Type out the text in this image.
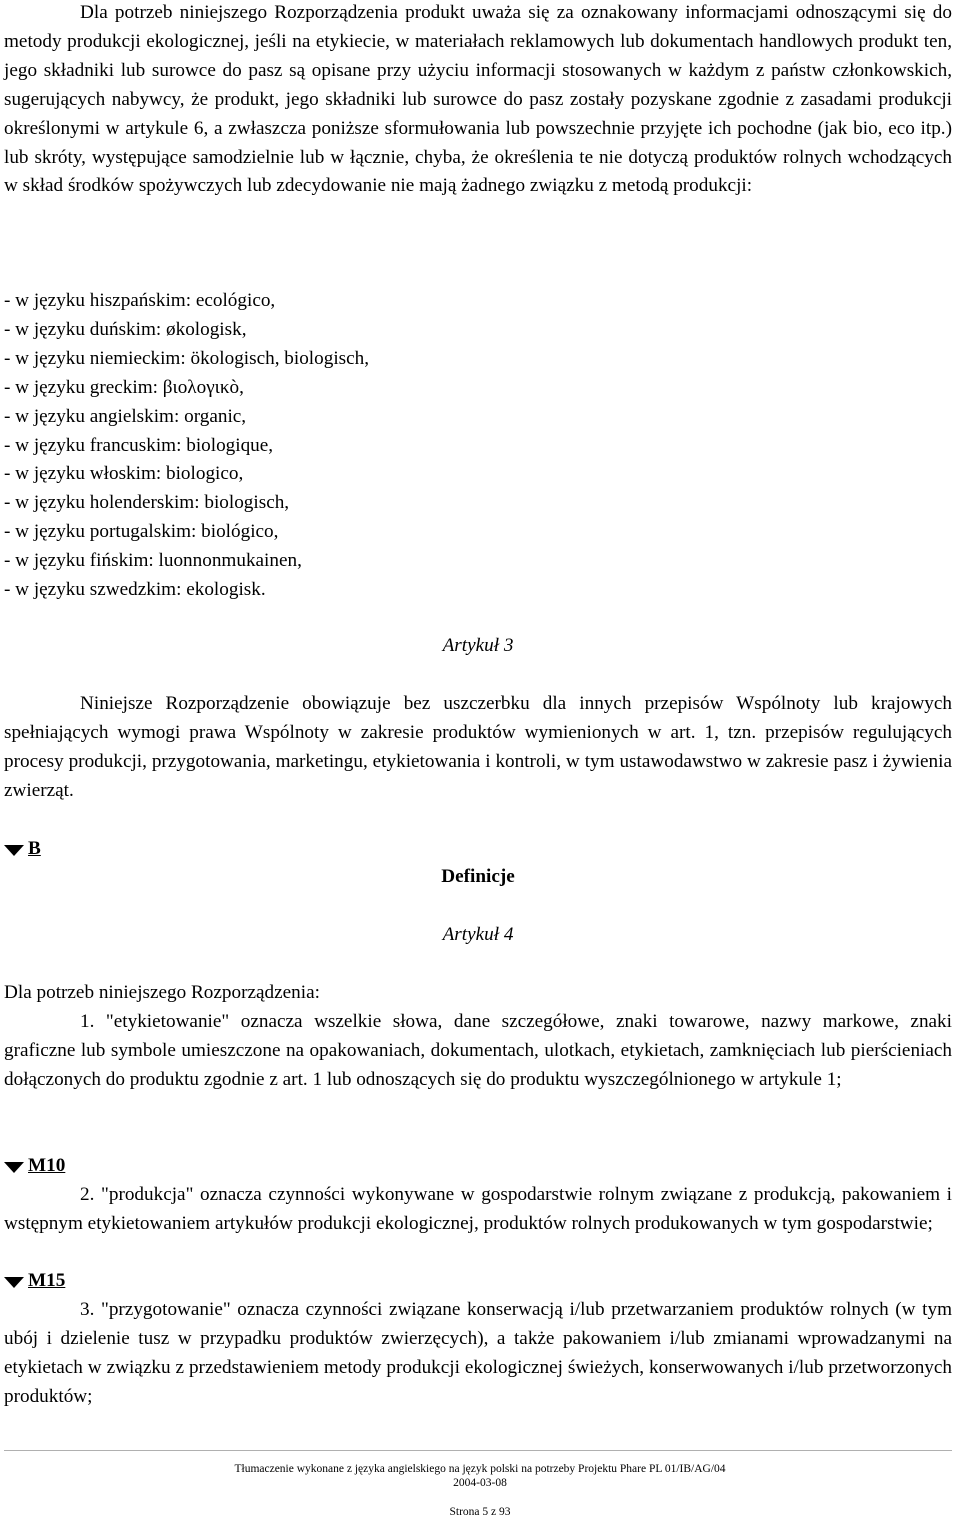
Dla potrzeb niniejszego Rozporządzenia produkt uważa się za oznakowany informacjami odnoszącymi się do metody produkcji ekologicznej, jeśli na etykiecie, w materiałach reklamowych lub dokumentach handlowych produkt ten, jego składniki lub surowce do pasz są opisane przy użyciu informacji stosowanych w każdym z państw członkowskich, sugerujących nabywcy, że produkt, jego składniki lub surowce do pasz zostały pozyskane zgodnie z zasadami produkcji określonymi w artykule 6, a zwłaszcza poniższe sformułowania lub powszechnie przyjęte ich pochodne (jak bio, eco itp.) lub skróty, występujące samodzielnie lub w łącznie, chyba, że określenia te nie dotyczą produktów rolnych wchodzących w skład środków spożywczych lub zdecydowanie nie mają żadnego związku z metodą produkcji:

- w języku hiszpańskim: ecológico,
- w języku duńskim: økologisk,
- w języku niemieckim: ökologisch, biologisch,
- w języku greckim: βιολογικò,
- w języku angielskim: organic,
- w języku francuskim: biologique,
- w języku włoskim: biologico,
- w języku holenderskim: biologisch,
- w języku portugalskim: biológico,
- w języku fińskim: luonnonmukainen,
- w języku szwedzkim: ekologisk.

Artykuł 3

Niniejsze Rozporządzenie obowiązuje bez uszczerbku dla innych przepisów Wspólnoty lub krajowych spełniających wymogi prawa Wspólnoty w zakresie produktów wymienionych w art. 1, tzn. przepisów regulujących procesy produkcji, przygotowania, marketingu, etykietowania i kontroli, w tym ustawodawstwo w zakresie pasz i żywienia zwierząt.

B

Definicje

Artykuł 4

Dla potrzeb niniejszego Rozporządzenia:

1. "etykietowanie" oznacza wszelkie słowa, dane szczegółowe, znaki towarowe, nazwy markowe, znaki graficzne lub symbole umieszczone na opakowaniach, dokumentach, ulotkach, etykietach, zamknięciach lub pierścieniach dołączonych do produktu zgodnie z art. 1 lub odnoszących się do produktu wyszczególnionego w artykule 1;

M10

2. "produkcja" oznacza czynności wykonywane w gospodarstwie rolnym związane z produkcją, pakowaniem i wstępnym etykietowaniem artykułów produkcji ekologicznej, produktów rolnych produkowanych w tym gospodarstwie;

M15

3. "przygotowanie" oznacza czynności związane konserwacją i/lub przetwarzaniem produktów rolnych (w tym ubój i dzielenie tusz w przypadku produktów zwierzęcych), a także pakowaniem i/lub zmianami wprowadzanymi na etykietach w związku z przedstawieniem metody produkcji ekologicznej świeżych, konserwowanych i/lub przetworzonych produktów;

Tłumaczenie wykonane z języka angielskiego na język polski na potrzeby Projektu Phare PL 01/IB/AG/04
2004-03-08
Strona 5 z 93
